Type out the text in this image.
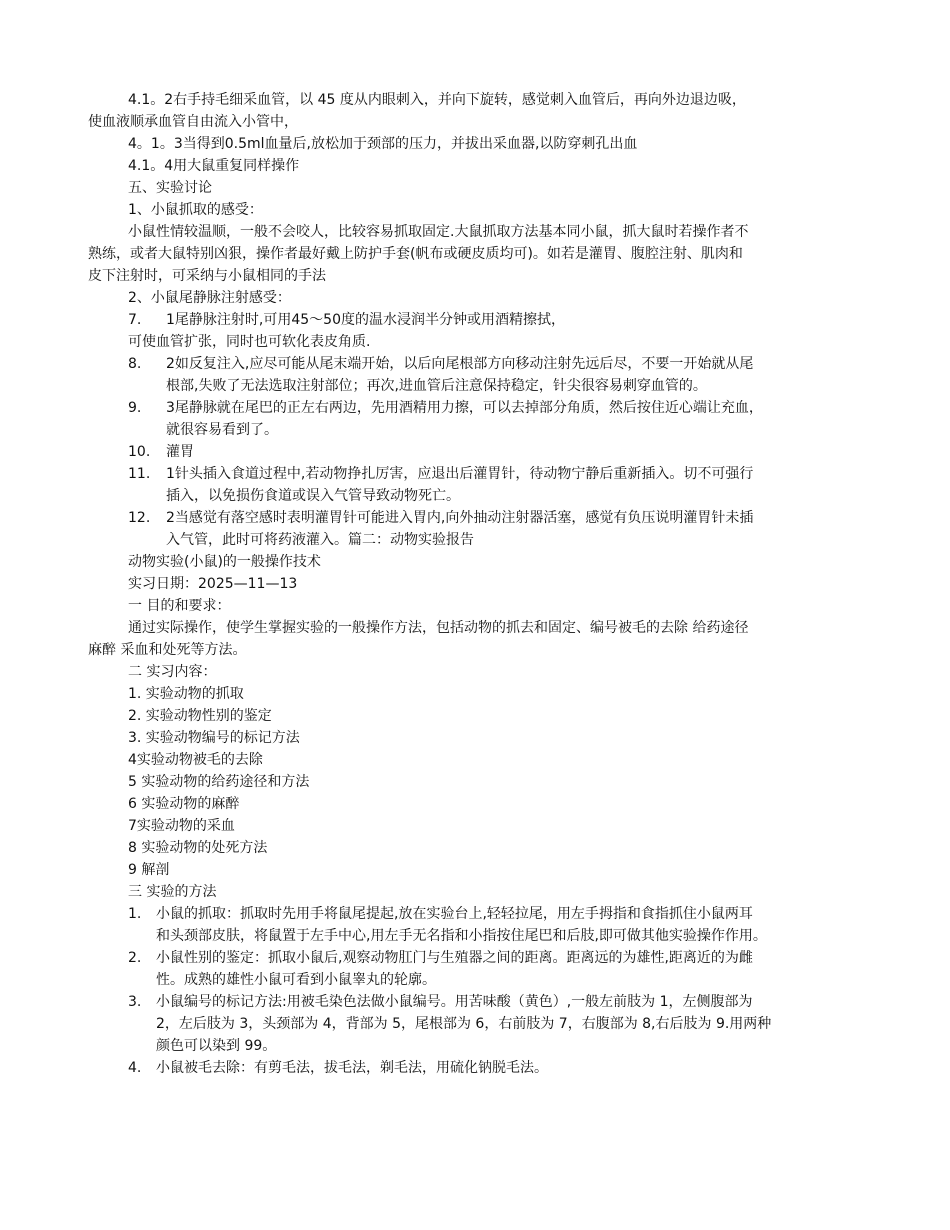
4.1。2右手持毛细采血管，以 45 度从内眼刺入，并向下旋转，感觉刺入血管后，再向外边退边吸，
使血液顺承血管自由流入小管中，
4。1。3当得到0.5ml血量后,放松加于颈部的压力，并拔出采血器,以防穿刺孔出血
4.1。4用大鼠重复同样操作
五、实验讨论
1、小鼠抓取的感受：
小鼠性情较温顺，一般不会咬人，比较容易抓取固定.大鼠抓取方法基本同小鼠，抓大鼠时若操作者不
熟练，或者大鼠特别凶狠，操作者最好戴上防护手套(帆布或硬皮质均可)。如若是灌胃、腹腔注射、肌肉和
皮下注射时，可采纳与小鼠相同的手法
2、小鼠尾静脉注射感受：
7. 1尾静脉注射时,可用45～50度的温水浸润半分钟或用酒精擦拭，
可使血管扩张，同时也可软化表皮角质.
8. 2如反复注入,应尽可能从尾末端开始，以后向尾根部方向移动注射先远后尽，不要一开始就从尾
根部,失败了无法选取注射部位；再次,进血管后注意保持稳定，针尖很容易刺穿血管的。
9. 3尾静脉就在尾巴的正左右两边，先用酒精用力擦，可以去掉部分角质，然后按住近心端让充血，
就很容易看到了。
10. 灌胃
11. 1针头插入食道过程中,若动物挣扎厉害，应退出后灌胃针，待动物宁静后重新插入。切不可强行
插入，以免损伤食道或误入气管导致动物死亡。
12. 2当感觉有落空感时表明灌胃针可能进入胃内,向外抽动注射器活塞，感觉有负压说明灌胃针未插
入气管，此时可将药液灌入。篇二：动物实验报告
动物实验(小鼠)的一般操作技术
实习日期：2025—11—13
一 目的和要求：
通过实际操作，使学生掌握实验的一般操作方法，包括动物的抓去和固定、编号被毛的去除 给药途径
麻醉 采血和处死等方法。
二 实习内容：
1. 实验动物的抓取
2. 实验动物性别的鉴定
3. 实验动物编号的标记方法
4实验动物被毛的去除
5 实验动物的给药途径和方法
6 实验动物的麻醉
7实验动物的采血
8 实验动物的处死方法
9 解剖
三 实验的方法
1. 小鼠的抓取：抓取时先用手将鼠尾提起,放在实验台上,轻轻拉尾，用左手拇指和食指抓住小鼠两耳
和头颈部皮肤，将鼠置于左手中心,用左手无名指和小指按住尾巴和后肢,即可做其他实验操作作用。
2. 小鼠性别的鉴定：抓取小鼠后,观察动物肛门与生殖器之间的距离。距离远的为雄性,距离近的为雌
性。成熟的雄性小鼠可看到小鼠睾丸的轮廓。
3. 小鼠编号的标记方法:用被毛染色法做小鼠编号。用苦味酸（黄色）,一般左前肢为 1，左侧腹部为
2，左后肢为 3，头颈部为 4，背部为 5，尾根部为 6，右前肢为 7，右腹部为 8,右后肢为 9.用两种
颜色可以染到 99。
4. 小鼠被毛去除：有剪毛法，拔毛法，剃毛法，用硫化钠脱毛法。
